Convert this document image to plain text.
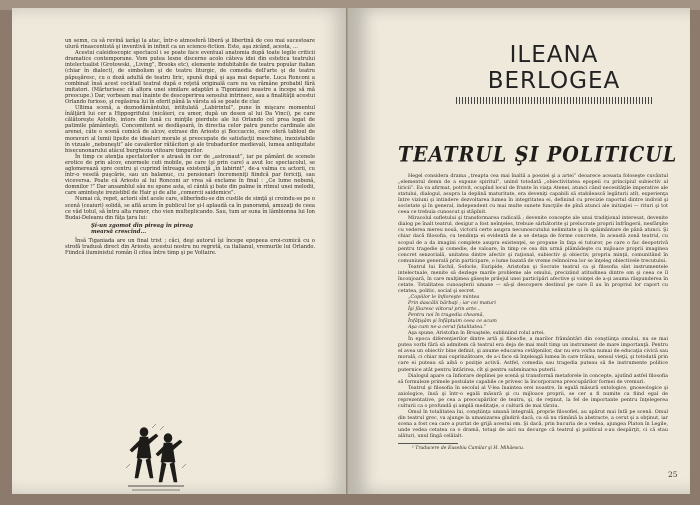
un semn, ca să revină iarăşi la atac, într-o atmosferă liberă şi libertină de ceo mai sucestoare ulurâ rinascentistă şi inventivă în infinit ca un science-fiction. Este, aşa zicând, acesta, ...

Acestui caleidoscopic spectacol i se poate face eventual anatomia după toate legile criticii dramatice contemporane. Vom putea lesne discerne acolo câteva idei din estetica teatrului intelectualist (Grotowski, „Living”, Brooks etc), elemente indubitabile de teatru popular italian (chiar în dialect), de simbolism şi de teatru liturgic, de comedia dell'arte şi de teatru păpuşăresc, cu o doză adultă de teatru liric, spună după şi aşa mai departe. Luca Ronconi a combinat însă acest cocktail teatral după o reţetă originală care nu va rămâne probabil fără imitatori. (Mărturisesc că altora unei similare adaptări a Tigonianei noastre a începe să mă preocupe.) Dar, vorbeam mai înainte de descoperirea sensului intrinsec, sau a finalităţii acestui Orlando furioso, şi regăsirea lui în oferit până la vârsta să se poate de clar.

Ultima scenă, a deznodământului, intitulată „Labirintul”, pune în mişcare momentul înălţării lui cer a Hippogrifului (nicăieri, cu umor, după un desen al lui Da Vinci), pe care călătoreşte Astolfo, intors din lună cu minţile pierdute ale lui Orlando cel prea legat de patimile pământeşti. Concomitent se desfăşoară, în directia celor patru puncte cardinale ale arenei, câte o scenă comică de alcov, extrase din Ariosto şi Boccaccio, care oferă tabloul de moravuri al lumii lipsite de idealuri morale şi preocupate de satisfacţii meschine, inexistabile în vizuale „nebuneşti” ale cavalerilor rătăcitori şi ale trubadurilor medievali, lumea antiquitate bisecunonarului atâcul burghezia viitoare timpurilor.

În timp ce atenţia spectatorilor e atrasă în cer de „astronaut”, iar pe pământ de scenele erotice de prin alcov, enormele cuti mobile, pe care (şi prin care) a avut loc spectacolul, se aglomerează spre centru şi cuprind întreaga existenţă „în labirint”, de-a valma cu actorii, cu într-o veselă puşcărie, sau un balamuc, cu pensionari încremeniţi fiindcă par fericiţi, sau viceversa. Poate că Ariosto al lui Ronconi ar vrea să exclame în final : „Ce lume nebună, domnilor !” Dar ansamblul său nu spune asta, el cântă şi bate din palme în ritmul unei melodii, care aminteşte irezistibil de Hair şi de alte „comercii saidemice”.

Numai că, repet, actorii sînt acele care, eliberîndu-se din custile de simţă şi croindu-se pe o scenă (ceaiuri) solidă, se află acum în publicul lor şi-l aplaudă ca în panoramă, amuzaţi de ceea ce văd totul, să întru alta rumor, cho vien multeplicando. Sau, tum ar suna în lâmbionna lui Ion Budai-Deleanu din fâţa ţara lui:

Şi-un zgomot din pireag în pireag
mearsă crescînd...

Însă Tiganiada are un final trist ; căci, deşi autorul îşi începe epopeea eroi-comică cu o strofă tradusă direct din Ariosto, acestui nostru nu regretă, ca italianul, vremurile lui Orlando. Fiindcă iluministul român îl citea între timp şi pe Voltaire.

ILEANA
BERLOGEA
TEATRUL ŞI POLITICUL

Hegel considera drama „treapta cea mai înaltă a poeziei şi a artei” deoarece aceasta foloseşte cuvântul „elementul demn de a expune spiritul”, unind totodată „obiectivitatea epopeii cu principiul subiectiv al liricii”. Ea va afirmat, potrivit, ocupînd locul de frunte în viaţa Atenei, atunci când necesităţile imperative ale statului, dialogul, asupra la deplină maturitate, era deveniţi capabili să stabilească legăturii atît, experienţa între viziuni şi intindere dezvoltarea lumea în integritatea ei, definind cu precizie raportul dintre individ şi societate şi în general, independent cu mai multe sunete funcţiile de pînă atunci ale initiaţiei — rituri şi tot ceea ce trebuia cunoscut şi stăpînit.

Miracolul sufletului şi transformarea radicală ; devenite concepte ale unui tradiţional interesat, devenite dialog pe înalt teatrul, desigur a fost neînţeles, trebuie sărbătorite şi prelucrate proprii înfrîngerii, nesfârşite cu vederea mereu nouă, victorii certe asupra necunoscutului nelimitate şi în spăimântare de până atunci. Şi chiar dacă filosofia, cu tendinţa ei evidentă de a se detaşa de forme concrete, în această zonă teatrul, cu scopul de a da imagini complete asupra existenţei, se propune în faţa ei tuturor, pe care o fac deopotrivă pentru tragedie şi comedie, de valoare, în timp ce cea din urmă plămădeşte cu mijloace proprii imaginea concret senzorială, unitatea dintre afectiv şi raţional, subiectiv şi obiectiv, propriu minţii, comunitând în comuniune generală prin participare, o lume bazată de vreme reînnoirea lor se înţeleg obiectivele trecutului.

Teatrul lui Eschil, Sofocle, Euripide, Aristofan şi Socrate teatrul ca şi filosofia sînt instrumentele intelectuale, menite să dezlege marile probleme ale omului, precizând atitudinea dintre om şi ceea ce îl înconjoară, în care mulţimea găseşte prilejul unei participări afective şi voinţei de a-şi asuma răspunderea în cetate. Totalitatea cunoaşterii umane — să-şi descopere destinul pe care îl au în propriul lor raport cu cetatea, politic, social şi secret.

„Copiilor le înfloreşte mintea
Prin dascălii bărbaţi ; iar cei maturi
Îşi făuresc viitorul prin arte...
Pentru noi în tragedia cheamă,
Înfăţişăm şi înfăptuim ceea ce acum
Aşa cum ne-a cerut fatalitatea.”

Aşa spune, Aristofan în Broaştele, subliniind rolul artei.

În epoca diferenţierilor dintre artă şi filosofie, a marilor frământări din conştiinţa omului, nu se mai putea vorbi fără să admitem că teatrul era deja de mai mult timp un instrument de mare importanţă. Pentru el avea un obiectiv bine definit, şi anume educarea cetăţenilor, dar nu era vorba numai de educaţia civică sau morală, ci chiar mai cuprinzătoare, de a-i face să înţeleagă lumea în care trăiau, sensul vieţii, şi totodată prin care ei puteau să aibă o poziţie activă. Astfel, comedia sau tragedia puteau să fie instrumente politice puternice atât pentru întărirea, cît şi pentru subminarea puterii.

Dialogul apare ca înfiorare deplinei pe scenă şi transformă metaforele în concepte, ajutînd astfel filosofia să formuleze primele postulate capabile ce privesc la încorporarea preocupărilor formei de vremuri.

Teatrul şi filosofia în secolul al V-lea înaintea erei noastre, în egală măsură ontologice, gnoseologice şi axiologice, însă şi într-o egală măsură şi cu mijloace proprii, se cer a fi numite ca fiind egal de reprezentative, pe cea a preocupărilor de teatru, şi, de reţinut, la fel de importante pentru înţelegerea culturii ca o profundă şi amplă meditaţie, o cultură de mai târziu.

Omul în totalitatea lui, conştiinţa umană integrală, proprie filosofiei, au apărut mai întîi pe scenă. Omul din teatrul grec, va ajunge la umanizarea gîndirii dacă, ca să nu rămână la abstracte, a cerut şi a obţinut, iar scena a fost cea care a purtat de grijă acestui om. Şi dacă, prin bucuria de a vedea, ajungea Platon în Legile, unde vedea cetatea ca o dramă, totuşi de aici nu decurge că teatrul şi politicul s-au despărţit, ci că stau alături, unul lîngă celălalt.

¹ Traducere de Eusebiu Camilar şi H. Mihăescu.
25
